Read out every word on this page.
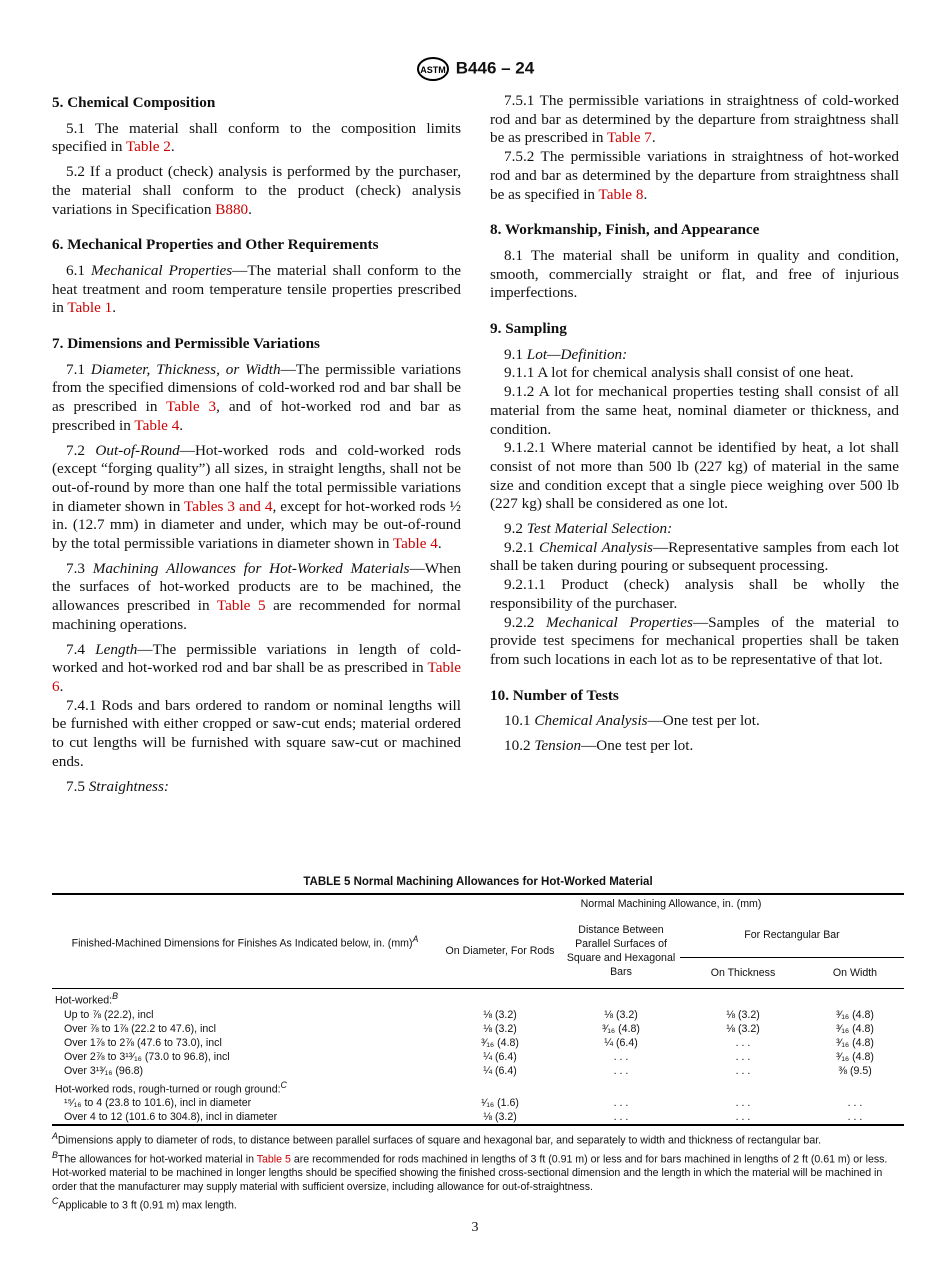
ASTM B446 – 24
5. Chemical Composition

5.1 The material shall conform to the composition limits specified in Table 2.

5.2 If a product (check) analysis is performed by the purchaser, the material shall conform to the product (check) analysis variations in Specification B880.

6. Mechanical Properties and Other Requirements

6.1 Mechanical Properties—The material shall conform to the heat treatment and room temperature tensile properties prescribed in Table 1.

7. Dimensions and Permissible Variations

7.1 Diameter, Thickness, or Width—The permissible variations from the specified dimensions of cold-worked rod and bar shall be as prescribed in Table 3, and of hot-worked rod and bar as prescribed in Table 4.

7.2 Out-of-Round—Hot-worked rods and cold-worked rods (except “forging quality”) all sizes, in straight lengths, shall not be out-of-round by more than one half the total permissible variations in diameter shown in Tables 3 and 4, except for hot-worked rods ½ in. (12.7 mm) in diameter and under, which may be out-of-round by the total permissible variations in diameter shown in Table 4.

7.3 Machining Allowances for Hot-Worked Materials—When the surfaces of hot-worked products are to be machined, the allowances prescribed in Table 5 are recommended for normal machining operations.

7.4 Length—The permissible variations in length of cold-worked and hot-worked rod and bar shall be as prescribed in Table 6.

7.4.1 Rods and bars ordered to random or nominal lengths will be furnished with either cropped or saw-cut ends; material ordered to cut lengths will be furnished with square saw-cut or machined ends.

7.5 Straightness:

7.5.1 The permissible variations in straightness of cold-worked rod and bar as determined by the departure from straightness shall be as prescribed in Table 7.

7.5.2 The permissible variations in straightness of hot-worked rod and bar as determined by the departure from straightness shall be as specified in Table 8.

8. Workmanship, Finish, and Appearance

8.1 The material shall be uniform in quality and condition, smooth, commercially straight or flat, and free of injurious imperfections.

9. Sampling

9.1 Lot—Definition:

9.1.1 A lot for chemical analysis shall consist of one heat.

9.1.2 A lot for mechanical properties testing shall consist of all material from the same heat, nominal diameter or thickness, and condition.

9.1.2.1 Where material cannot be identified by heat, a lot shall consist of not more than 500 lb (227 kg) of material in the same size and condition except that a single piece weighing over 500 lb (227 kg) shall be considered as one lot.

9.2 Test Material Selection:

9.2.1 Chemical Analysis—Representative samples from each lot shall be taken during pouring or subsequent processing.

9.2.1.1 Product (check) analysis shall be wholly the responsibility of the purchaser.

9.2.2 Mechanical Properties—Samples of the material to provide test specimens for mechanical properties shall be taken from such locations in each lot as to be representative of that lot.

10. Number of Tests

10.1 Chemical Analysis—One test per lot.

10.2 Tension—One test per lot.

TABLE 5 Normal Machining Allowances for Hot-Worked Material
Finished-Machined Dimensions for Finishes As Indicated below, in. (mm)$^A$	Normal Machining Allowance, in. (mm)			
	On Diameter, For Rods	Distance Between Parallel Surfaces of Square and Hexagonal Bars	For Rectangular Bar	
			On Thickness	On Width
Hot-worked:$^B$
Up to ⅞ (22.2), incl	⅛ (3.2)	⅛ (3.2)	⅛ (3.2)	³⁄₁₆ (4.8)
Over ⅞ to 1⅞ (22.2 to 47.6), incl	⅛ (3.2)	³⁄₁₆ (4.8)	⅛ (3.2)	³⁄₁₆ (4.8)
Over 1⅞ to 2⅞ (47.6 to 73.0), incl	³⁄₁₆ (4.8)	¼ (6.4)	. . .	³⁄₁₆ (4.8)
Over 2⅞ to 3¹³⁄₁₆ (73.0 to 96.8), incl	¼ (6.4)	. . .	. . .	³⁄₁₆ (4.8)
Over 3¹³⁄₁₆ (96.8)	¼ (6.4)	. . .	. . .	⅜ (9.5)
Hot-worked rods, rough-turned or rough ground:$^C$
¹⁵⁄₁₆ to 4 (23.8 to 101.6), incl in diameter	¹⁄₁₆ (1.6)	. . .	. . .	. . .
Over 4 to 12 (101.6 to 304.8), incl in diameter	⅛ (3.2)	. . .	. . .	. . .
$^A$Dimensions apply to diameter of rods, to distance between parallel surfaces of square and hexagonal bar, and separately to width and thickness of rectangular bar.
$^B$The allowances for hot-worked material in Table 5 are recommended for rods machined in lengths of 3 ft (0.91 m) or less and for bars machined in lengths of 2 ft (0.61 m) or less. Hot-worked material to be machined in longer lengths should be specified showing the finished cross-sectional dimension and the length in which the material will be machined in order that the manufacturer may supply material with sufficient oversize, including allowance for out-of-straightness.
$^C$Applicable to 3 ft (0.91 m) max length.
3
